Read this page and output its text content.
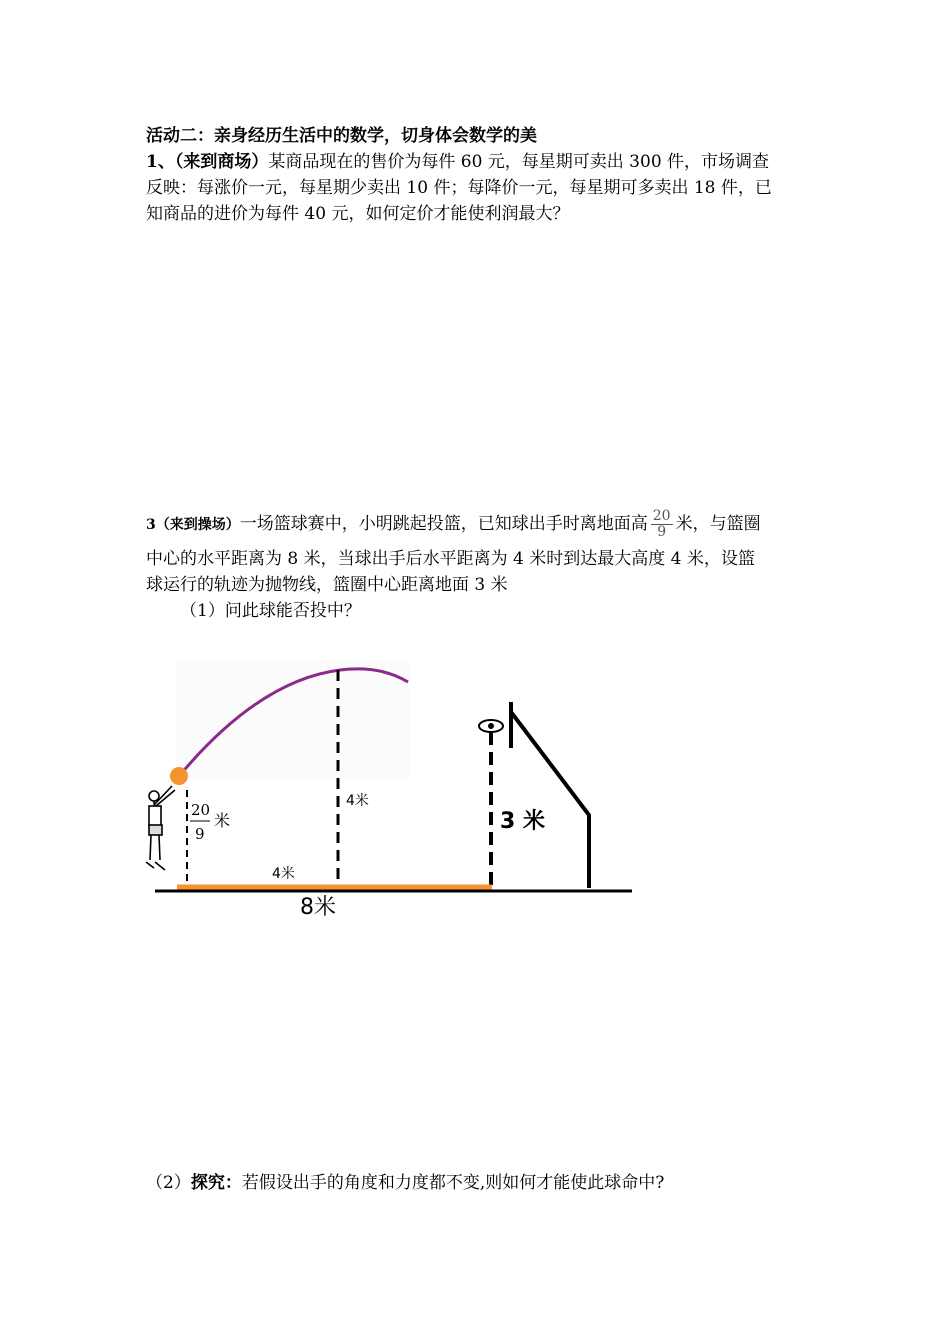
活动二：亲身经历生活中的数学，切身体会数学的美
1、（来到商场）某商品现在的售价为每件 60 元，每星期可卖出 300 件，市场调查
反映：每涨价一元，每星期少卖出 10 件；每降价一元，每星期可多卖出 18 件，已
知商品的进价为每件 40 元，如何定价才能使利润最大？
3（来到操场）一场篮球赛中，小明跳起投篮，已知球出手时离地面高 $\frac{20}{9}$ 米，与篮圈
中心的水平距离为 8 米，当球出手后水平距离为 4 米时到达最大高度 4 米，设篮
球运行的轨迹为抛物线，篮圈中心距离地面 3 米
（1）问此球能否投中？
20
9
米
4米
4米
8米
3 米
（2）探究：若假设出手的角度和力度都不变,则如何才能使此球命中?
